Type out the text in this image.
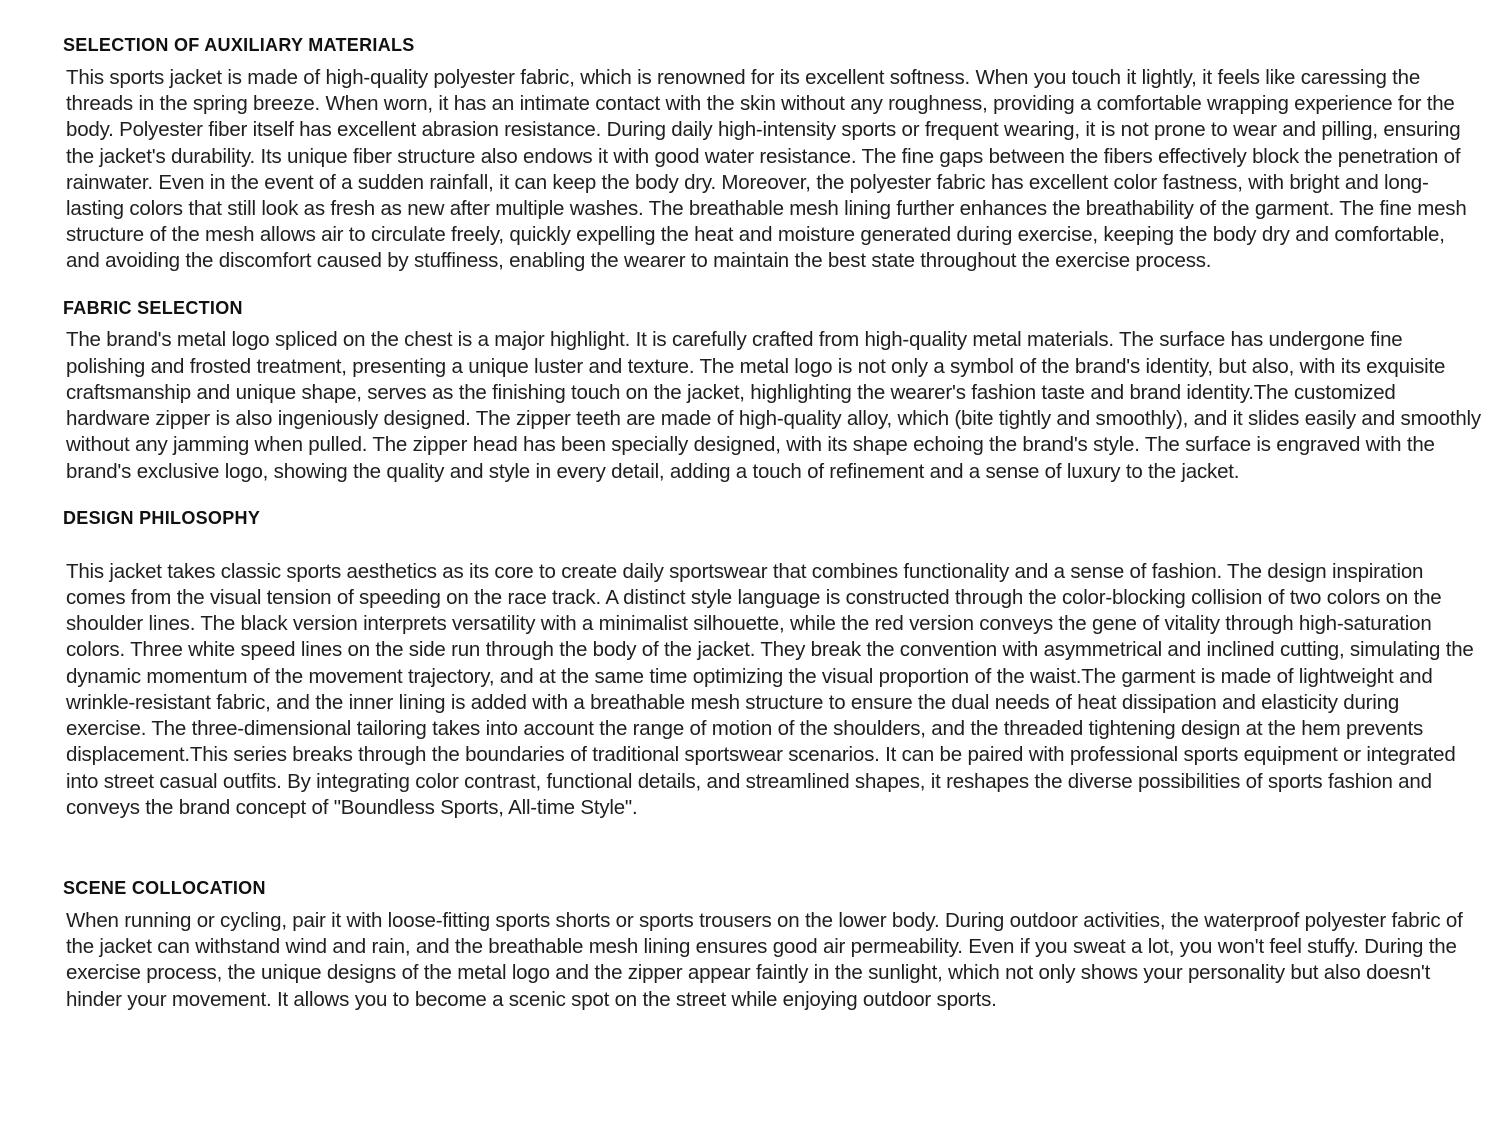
SELECTION OF AUXILIARY MATERIALS

This sports jacket is made of high-quality polyester fabric, which is renowned for its excellent softness. When you touch it lightly, it feels like caressing the threads in the spring breeze. When worn, it has an intimate contact with the skin without any roughness, providing a comfortable wrapping experience for the body. Polyester fiber itself has excellent abrasion resistance. During daily high-intensity sports or frequent wearing, it is not prone to wear and pilling, ensuring the jacket's durability. Its unique fiber structure also endows it with good water resistance. The fine gaps between the fibers effectively block the penetration of rainwater. Even in the event of a sudden rainfall, it can keep the body dry. Moreover, the polyester fabric has excellent color fastness, with bright and long-lasting colors that still look as fresh as new after multiple washes. The breathable mesh lining further enhances the breathability of the garment. The fine mesh structure of the mesh allows air to circulate freely, quickly expelling the heat and moisture generated during exercise, keeping the body dry and comfortable, and avoiding the discomfort caused by stuffiness, enabling the wearer to maintain the best state throughout the exercise process.

FABRIC SELECTION

The brand's metal logo spliced on the chest is a major highlight. It is carefully crafted from high-quality metal materials. The surface has undergone fine polishing and frosted treatment, presenting a unique luster and texture. The metal logo is not only a symbol of the brand's identity, but also, with its exquisite craftsmanship and unique shape, serves as the finishing touch on the jacket, highlighting the wearer's fashion taste and brand identity.The customized hardware zipper is also ingeniously designed. The zipper teeth are made of high-quality alloy, which (bite tightly and smoothly), and it slides easily and smoothly without any jamming when pulled. The zipper head has been specially designed, with its shape echoing the brand's style. The surface is engraved with the brand's exclusive logo, showing the quality and style in every detail, adding a touch of refinement and a sense of luxury to the jacket.

DESIGN PHILOSOPHY

This jacket takes classic sports aesthetics as its core to create daily sportswear that combines functionality and a sense of fashion. The design inspiration comes from the visual tension of speeding on the race track. A distinct style language is constructed through the color-blocking collision of two colors on the shoulder lines. The black version interprets versatility with a minimalist silhouette, while the red version conveys the gene of vitality through high-saturation colors. Three white speed lines on the side run through the body of the jacket. They break the convention with asymmetrical and inclined cutting, simulating the dynamic momentum of the movement trajectory, and at the same time optimizing the visual proportion of the waist.The garment is made of lightweight and wrinkle-resistant fabric, and the inner lining is added with a breathable mesh structure to ensure the dual needs of heat dissipation and elasticity during exercise. The three-dimensional tailoring takes into account the range of motion of the shoulders, and the threaded tightening design at the hem prevents displacement.This series breaks through the boundaries of traditional sportswear scenarios. It can be paired with professional sports equipment or integrated into street casual outfits. By integrating color contrast, functional details, and streamlined shapes, it reshapes the diverse possibilities of sports fashion and conveys the brand concept of "Boundless Sports, All-time Style".

SCENE COLLOCATION

When running or cycling, pair it with loose-fitting sports shorts or sports trousers on the lower body. During outdoor activities, the waterproof polyester fabric of the jacket can withstand wind and rain, and the breathable mesh lining ensures good air permeability. Even if you sweat a lot, you won't feel stuffy. During the exercise process, the unique designs of the metal logo and the zipper appear faintly in the sunlight, which not only shows your personality but also doesn't hinder your movement. It allows you to become a scenic spot on the street while enjoying outdoor sports.
